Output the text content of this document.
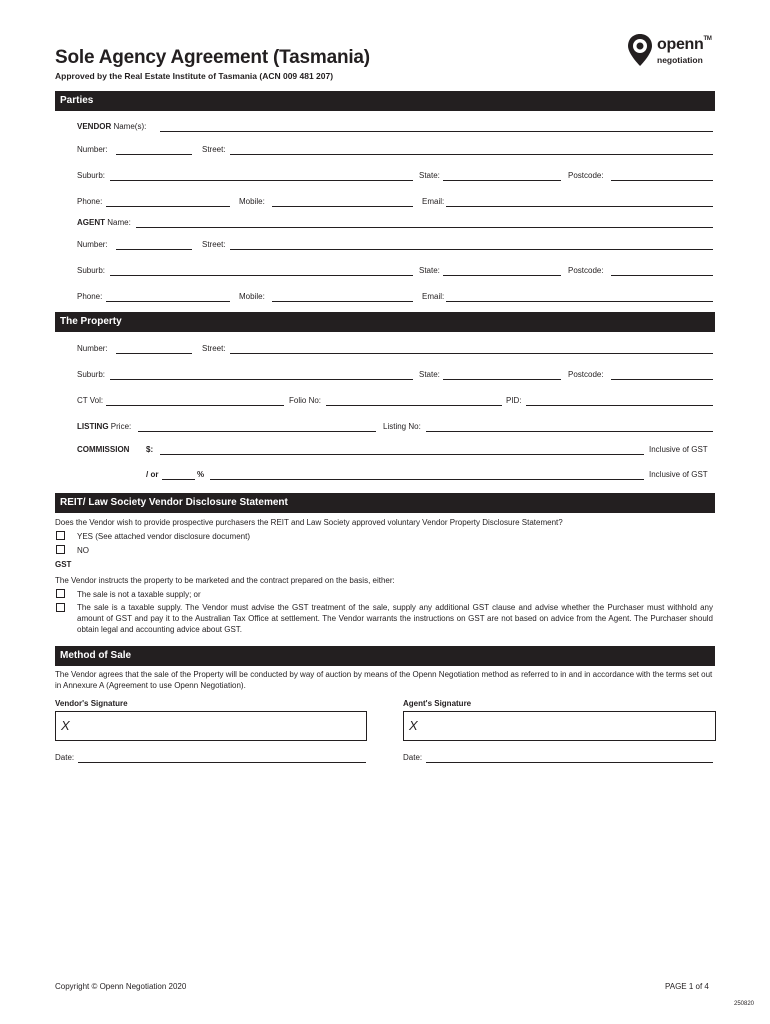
Sole Agency Agreement (Tasmania)
Approved by the Real Estate Institute of Tasmania (ACN 009 481 207)
openn™
negotiation
Parties
VENDOR Name(s):
Number:	Street:
Suburb:	State:	Postcode:
Phone:	Mobile:	Email:
AGENT Name:
Number:	Street:
Suburb:	State:	Postcode:
Phone:	Mobile:	Email:
The Property
Number:	Street:
Suburb:	State:	Postcode:
CT Vol:	Folio No:	PID:
LISTING Price:	Listing No:
COMMISSION $:	Inclusive of GST
/ or	%	Inclusive of GST
REIT/ Law Society Vendor Disclosure Statement
Does the Vendor wish to provide prospective purchasers the REIT and Law Society approved voluntary Vendor Property Disclosure Statement?
YES (See attached vendor disclosure document)
NO
GST
The Vendor instructs the property to be marketed and the contract prepared on the basis, either:
The sale is not a taxable supply; or
The sale is a taxable supply. The Vendor must advise the GST treatment of the sale, supply any additional GST clause and advise whether the Purchaser must withhold any amount of GST and pay it to the Australian Tax Office at settlement. The Vendor warrants the instructions on GST are not based on advice from the Agent. The Purchaser should obtain legal and accounting advice about GST.
Method of Sale
The Vendor agrees that the sale of the Property will be conducted by way of auction by means of the Openn Negotiation method as referred to in and in accordance with the terms set out in Annexure A (Agreement to use Openn Negotiation).
Vendor's Signature
X
Agent's Signature
X
Date:	Date:
Copyright © Openn Negotiation 2020	PAGE 1 of 4
250820
